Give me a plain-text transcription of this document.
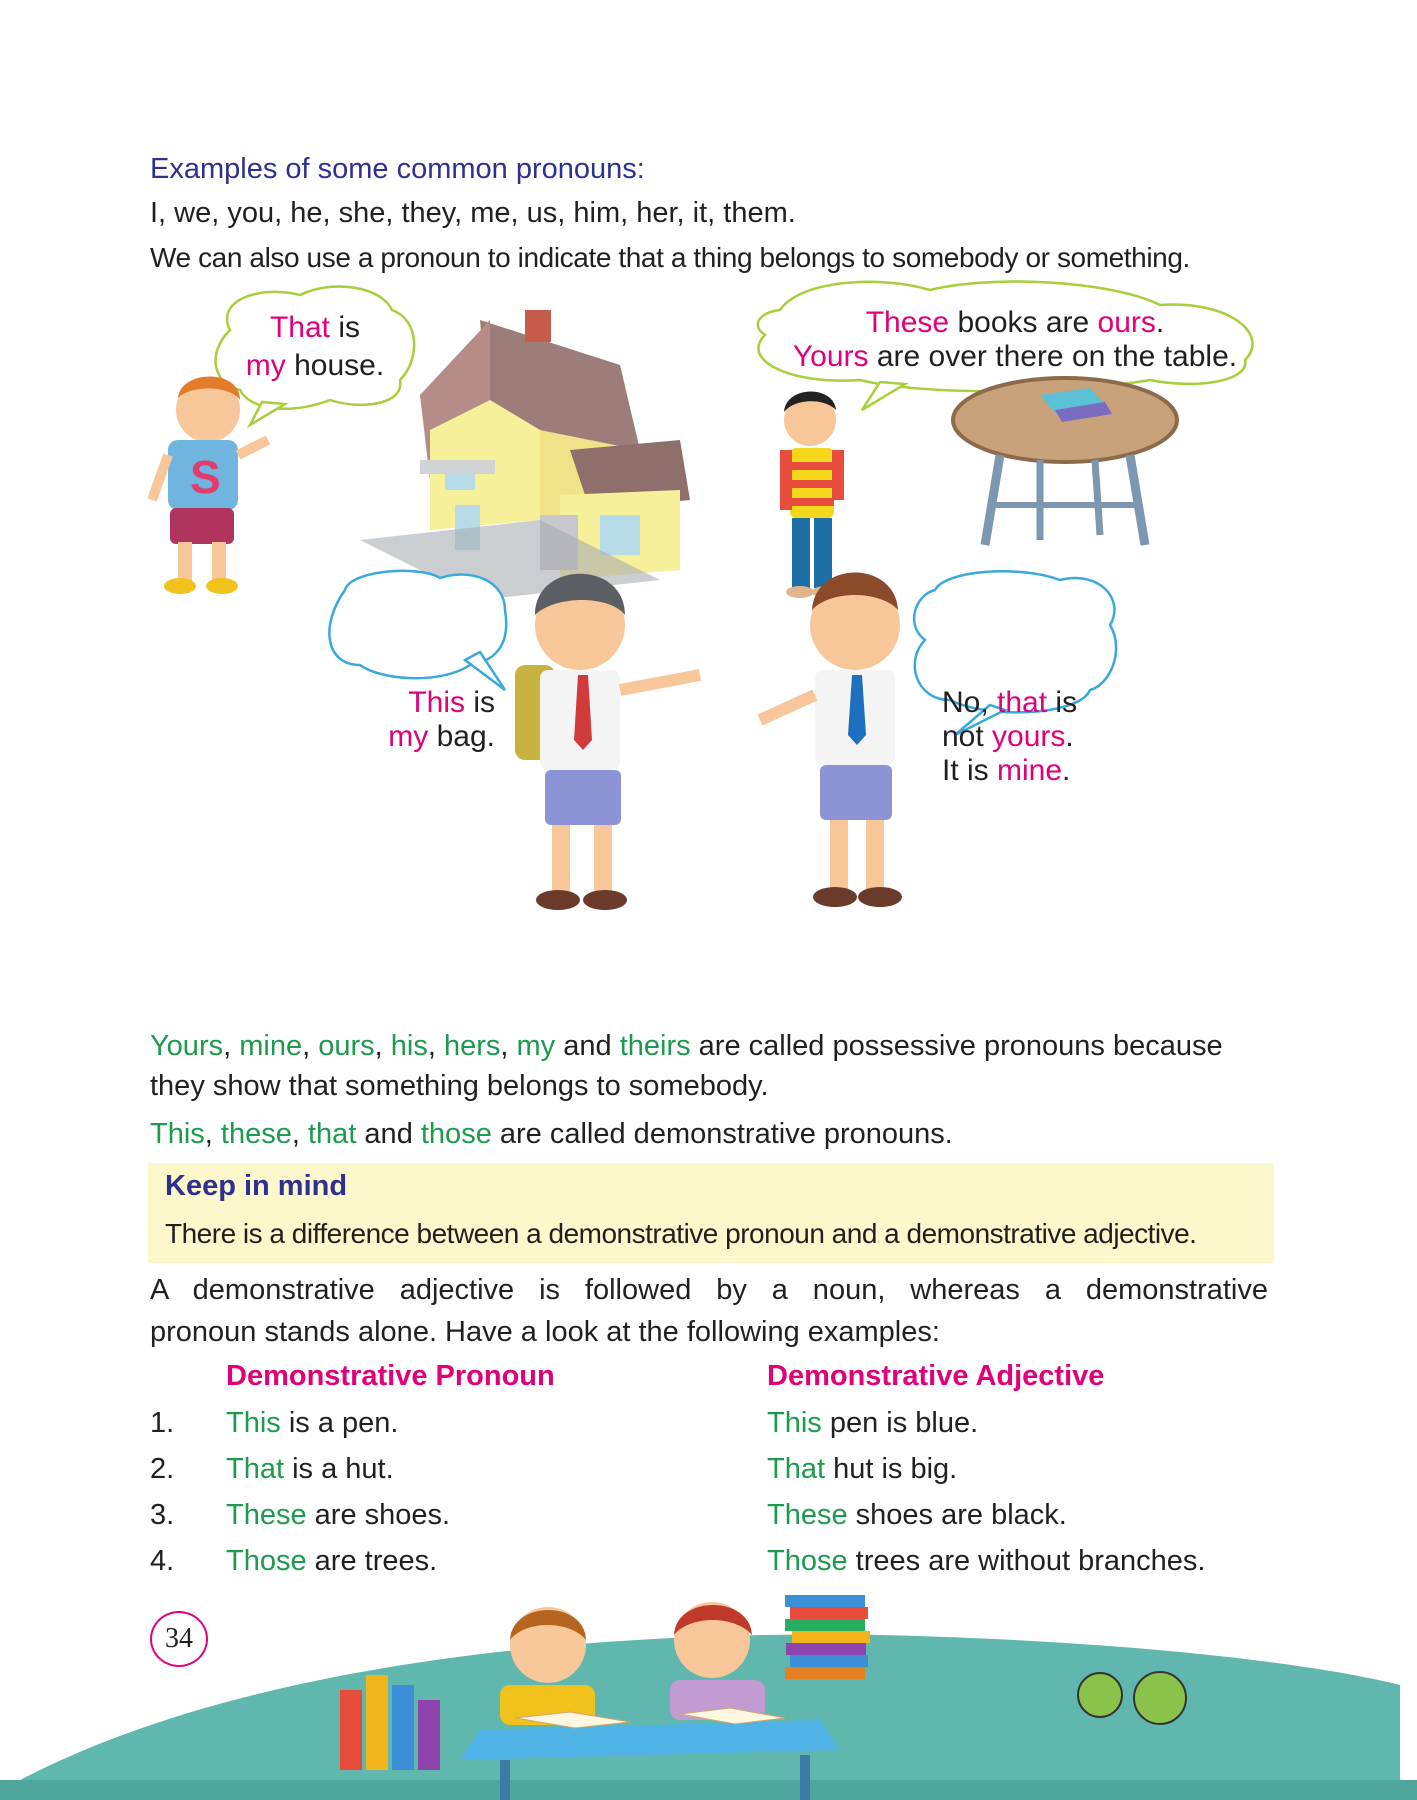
Examples of some common pronouns:
I, we, you, he, she, they, me, us, him, her, it, them.
We can also use a pronoun to indicate that a thing belongs to somebody or something.
S
That is
my house.
These books are ours.
Yours are over there on the table.
This is
my bag.
No, that is
not yours.
It is mine.
Yours, mine, ours, his, hers, my and theirs are called possessive pronouns because
they show that something belongs to somebody.
This, these, that and those are called demonstrative pronouns.
Keep in mind
There is a difference between a demonstrative pronoun and a demonstrative adjective.
A demonstrative adjective is followed by a noun, whereas a demonstrative
pronoun stands alone. Have a look at the following examples:
Demonstrative Pronoun	Demonstrative Adjective
1. This is a pen.	This pen is blue.
2. That is a hut.	That hut is big.
3. These are shoes.	These shoes are black.
4. Those are trees.	Those trees are without branches.
34
